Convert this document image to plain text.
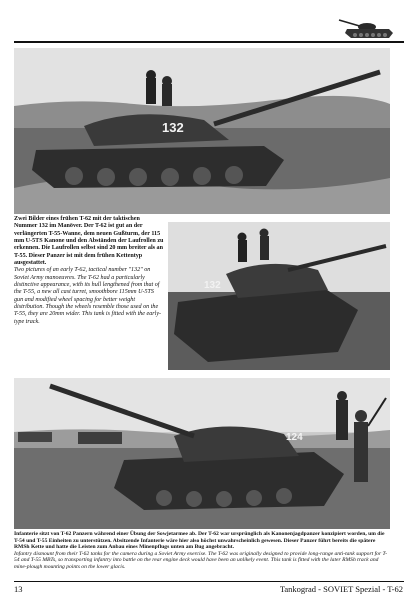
132

Zwei Bilder eines frühen T-62 mit der taktischen Nummer 132 im Manöver. Der T-62 ist gut an der verlängerten T-55-Wanne, dem neuen Gußturm, der 115 mm U-5TS Kanone und den Abständen der Laufrollen zu erkennen. Die Laufrollen selbst sind 20 mm breiter als an T-55. Dieser Panzer ist mit dem frühen Kettentyp ausgestattet.

Two pictures of an early T-62, tactical number "132" on Soviet Army manoeuvres. The T-62 had a particularly distinctive appearance, with its hull lengthened from that of the T-55, a new all cast turret, smoothbore 115mm U-5TS gun and modified wheel spacing for better weight distribution. Though the wheels resemble those used on the T-55, they are 20mm wider. This tank is fitted with the early-type track.

132
124

Infanterie sitzt von T-62 Panzern während einer Übung der Sowjetarmee ab. Der T-62 war ursprünglich als Kanonenjagdpanzer konzipiert worden, um die T-54 und T-55 Einheiten zu unterstützen. Absitzende Infanterie wäre hier also höchst unwahrscheinlich gewesen. Dieser Panzer führt bereits die spätere RMSh Kette und hatte die Leisten zum Anbau eines Minenpflugs unten am Bug angebracht.

Infantry dismount from their T-62 tanks for the camera during a Soviet Army exercise. The T-62 was originally designed to provide long-range anti-tank support for T-54 and T-55 MBTs, so transporting infantry into battle on the rear engine deck would have been an unlikely event. This tank is fitted with the later RMSh track and mine-plough mounting points on the lower glacis.

13	Tankograd - SOVIET Spezial - T-62
